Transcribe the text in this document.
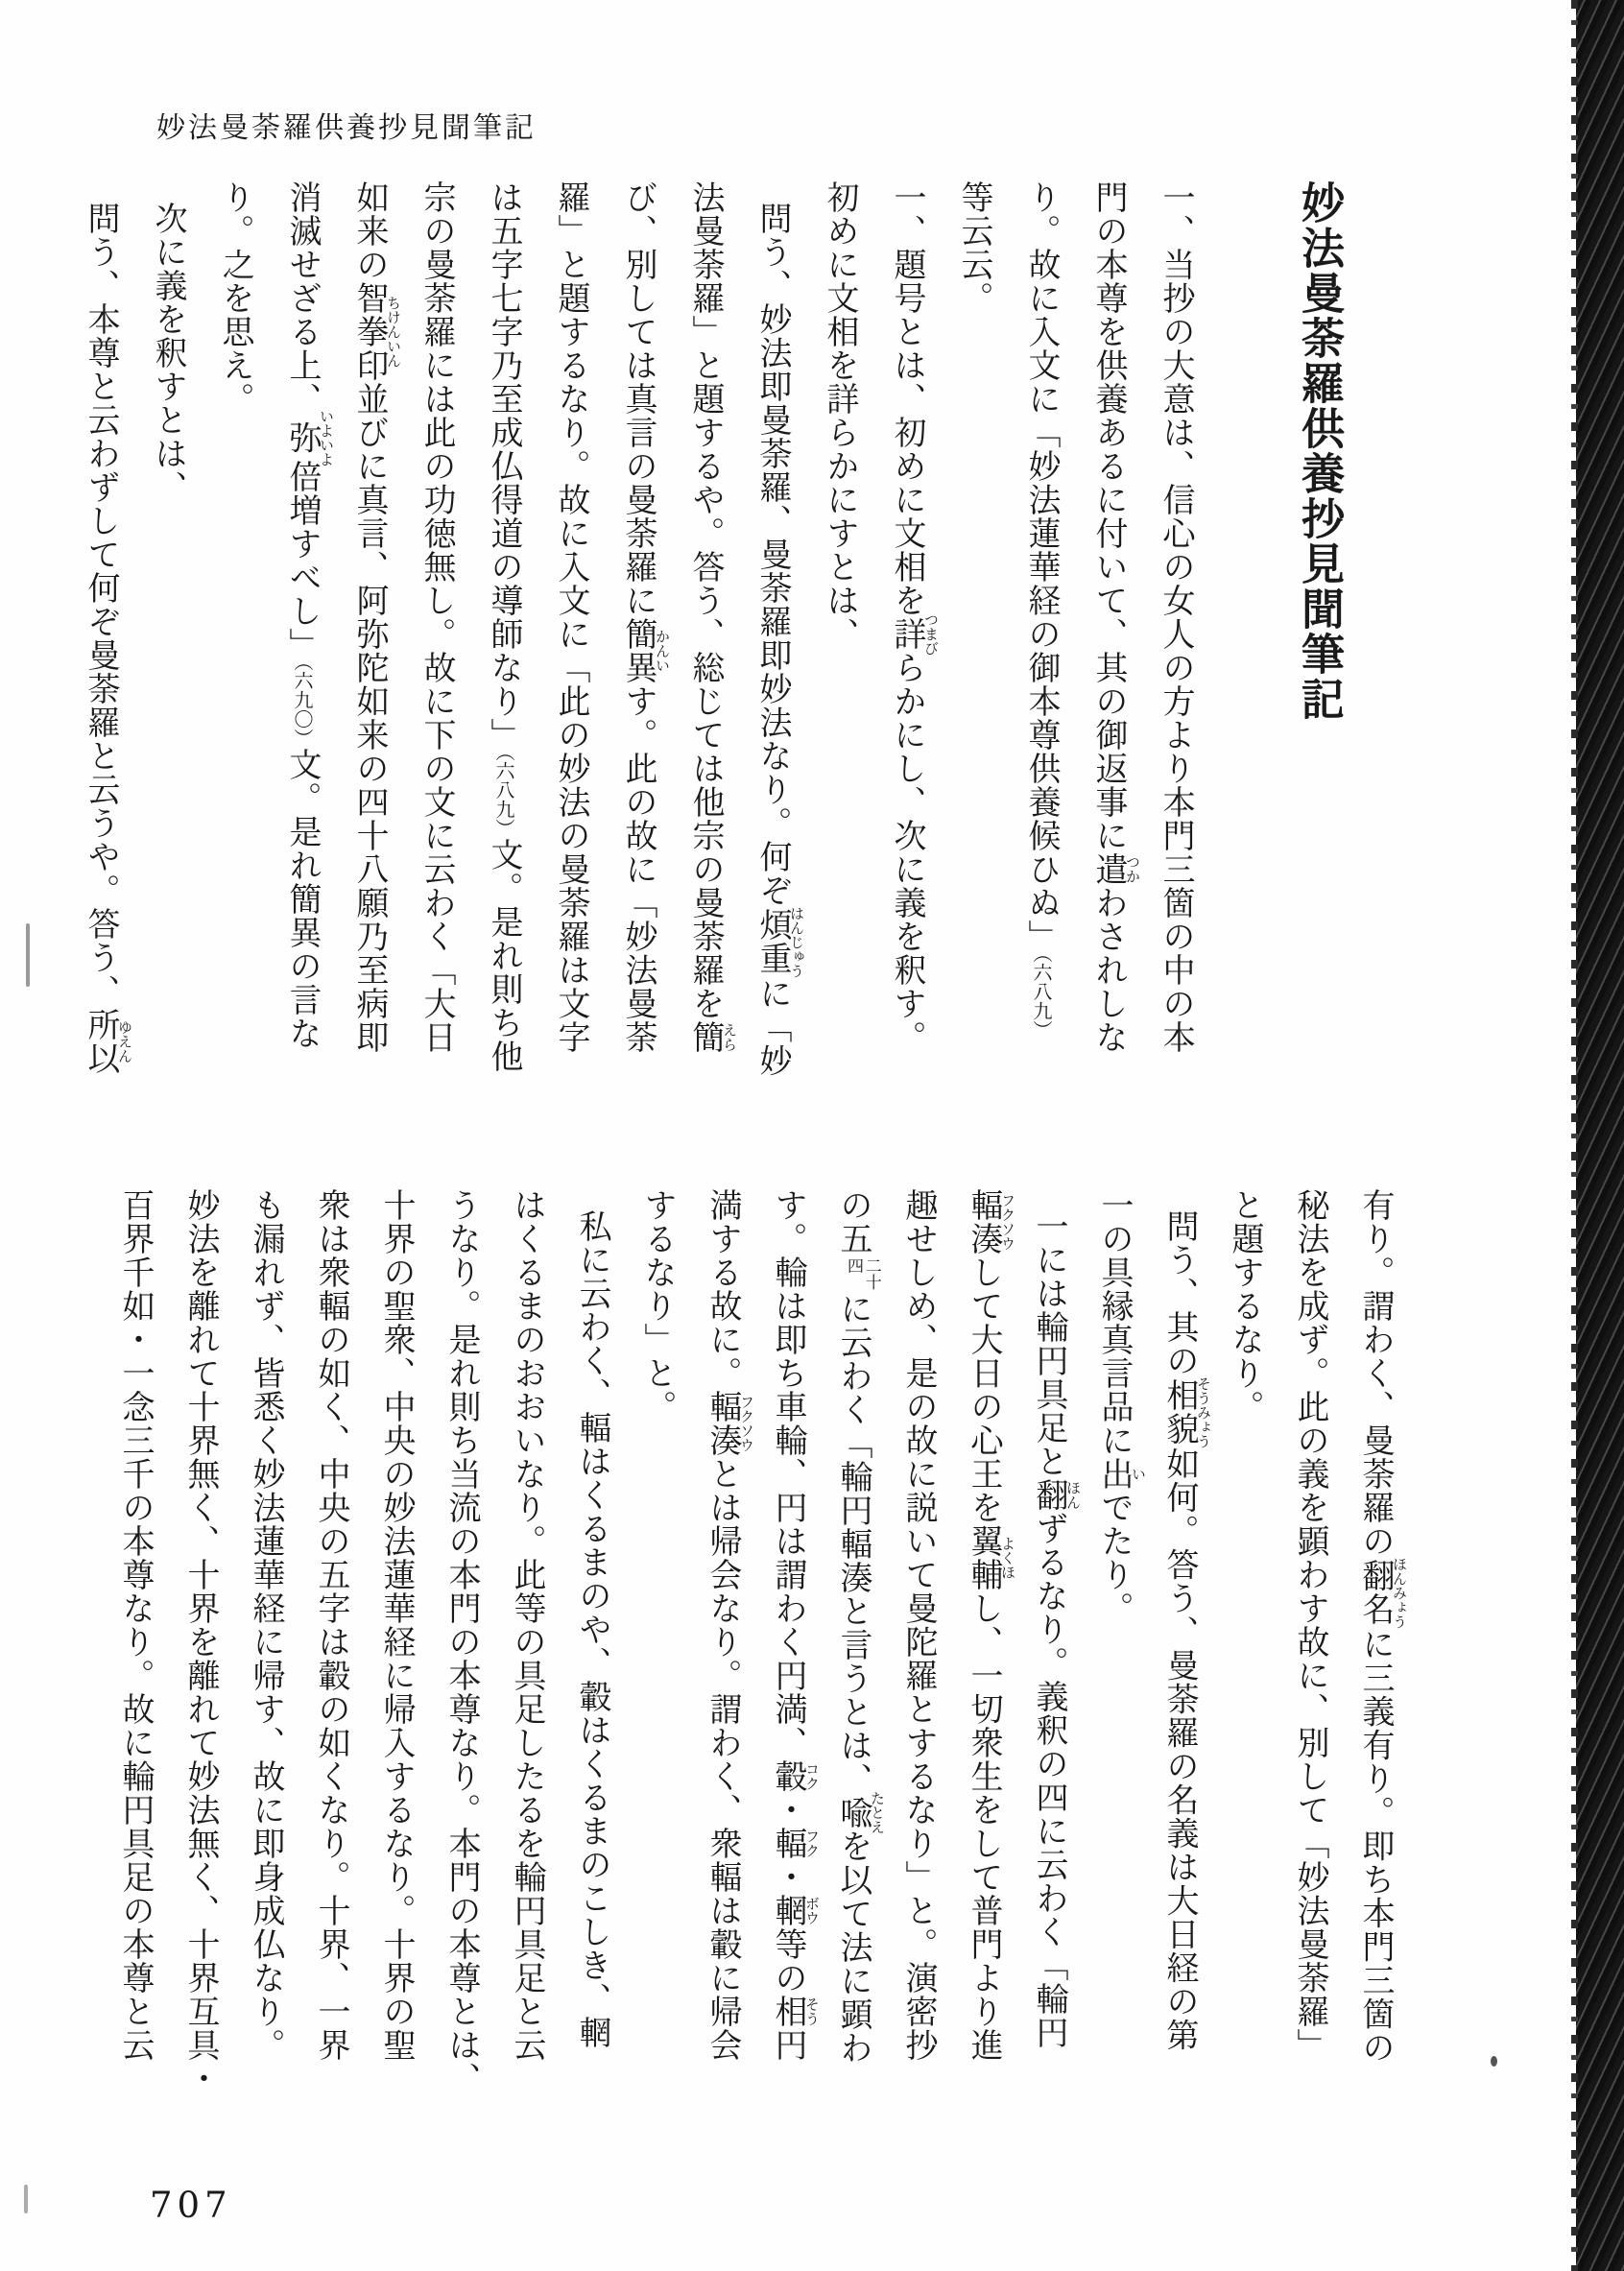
妙法曼荼羅供養抄見聞筆記
妙法曼荼羅供養抄見聞筆記

一、当抄の大意は、信心の女人の方より本門三箇の中の本

門の本尊を供養あるに付いて、其の御返事に遣つかわされしな

り。故に入文に「妙法蓮華経の御本尊供養候ひぬ」（六八九）

等云云。

一、題号とは、初めに文相を詳つまびらかにし、次に義を釈す。

初めに文相を詳らかにすとは、

問う、妙法即曼荼羅、曼荼羅即妙法なり。何ぞ煩重はんじゅうに「妙

法曼荼羅」と題するや。答う、総じては他宗の曼荼羅を簡えら

び、別しては真言の曼荼羅に簡異かんいす。此の故に「妙法曼荼

羅」と題するなり。故に入文に「此の妙法の曼荼羅は文字

は五字七字乃至成仏得道の導師なり」（六八九）文。是れ則ち他

宗の曼荼羅には此の功徳無し。故に下の文に云わく「大日

如来の智拳印ちけんいん並びに真言、阿弥陀如来の四十八願乃至病即

消滅せざる上、弥いよいよ倍増すべし」（六九〇）文。是れ簡異の言な

り。之を思え。

次に義を釈すとは、

問う、本尊と云わずして何ぞ曼荼羅と云うや。答う、所以ゆえん

有り。謂わく、曼荼羅の翻名ほんみょうに三義有り。即ち本門三箇の

秘法を成ず。此の義を顕わす故に、別して「妙法曼荼羅」

と題するなり。

問う、其の相貌そうみょう如何。答う、曼荼羅の名義は大日経の第

一の具縁真言品に出いでたり。

一には輪円具足と翻ほんずるなり。義釈の四に云わく「輪円

輻湊フクソウして大日の心王を翼輔よくほし、一切衆生をして普門より進

趣せしめ、是の故に説いて曼陀羅とするなり」と。演密抄

の五
二十
四
に云わく「輪円輻湊と言うとは、喩たとえを以て法に顕わ

す。輪は即ち車輪、円は謂わく円満、轂コク・輻フク・輞ボウ等の相そう円

満する故に。輻湊フクソウとは帰会なり。謂わく、衆輻は轂に帰会

するなり」と。

私に云わく、輻はくるまのや、轂はくるまのこしき、輞

はくるまのおおいなり。此等の具足したるを輪円具足と云

うなり。是れ則ち当流の本門の本尊なり。本門の本尊とは、

十界の聖衆、中央の妙法蓮華経に帰入するなり。十界の聖

衆は衆輻の如く、中央の五字は轂の如くなり。十界、一界

も漏れず、皆悉く妙法蓮華経に帰す、故に即身成仏なり。

妙法を離れて十界無く、十界を離れて妙法無く、十界互具・

百界千如・一念三千の本尊なり。故に輪円具足の本尊と云

707
